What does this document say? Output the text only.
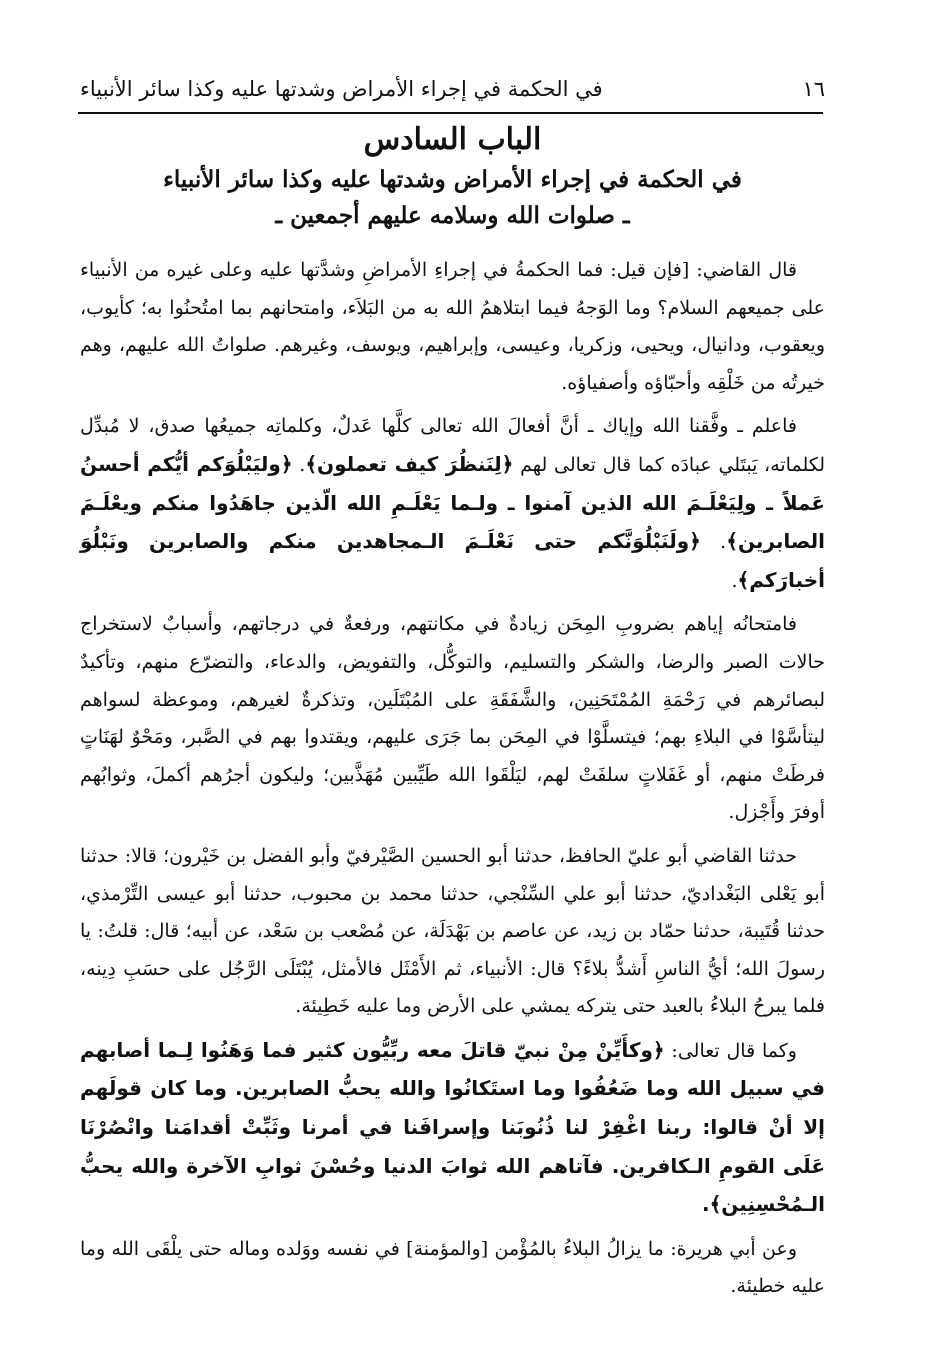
١٦
في الحكمة في إجراء الأمراض وشدتها عليه وكذا سائر الأنبياء

الباب السادس

في الحكمة في إجراء الأمراض وشدتها عليه وكذا سائر الأنبياء

ـ صلوات الله وسلامه عليهم أجمعين ـ

قال القاضي: [فإن قيل: فما الحكمةُ في إجراءِ الأمراضِ وشدَّتها عليه وعلى غيره من الأنبياء على جميعهم السلام؟ وما الوَجهُ فيما ابتلاهمُ الله به من البَلاَء، وامتحانهم بما امتُحنُوا به؛ كأيوب، ويعقوب، ودانيال، ويحيى، وزكريا، وعيسى، وإبراهيم، ويوسف، وغيرهم. صلواتُ الله عليهم، وهم خيرتُه من خَلْقِه وأحبّاؤه وأصفياؤه.

فاعلم ـ وفَّقنا الله وإياك ـ أنَّ أفعالَ الله تعالى كلَّها عَدلٌ، وكلماتِه جميعُها صدق، لا مُبدِّل لكلماته، يَبتَلي عبادَه كما قال تعالى لهم ﴿لِنَنظُرَ كيف تعملون﴾. ﴿وليَبْلُوَكم أيُّكم أحسنُ عَملاً ـ ولِيَعْلَـمَ الله الذين آمنوا ـ ولـما يَعْلَـمِ الله الّذين جاهَدُوا منكم ويعْلَـمَ الصابرين﴾. ﴿ولَنَبْلُوَنَّكم حتى نَعْلَـمَ الـمجاهدين منكم والصابرين ونَبْلُوَ أخبارَكم﴾.

فامتحانُه إياهم بضروبِ المِحَن زيادةٌ في مكانتهم، ورفعةٌ في درجاتهم، وأسبابٌ لاستخراج حالات الصبر والرضا، والشكر والتسليم، والتوكُّل، والتفويض، والدعاء، والتضرّع منهم، وتأكيدٌ لبصائرهم في رَحْمَةِ المُمْتَحَنِين، والشَّفَقَةِ على المُبْتَلَين، وتذكرةٌ لغيرهم، وموعظة لسواهم ليتأسَّوْا في البلاءِ بهم؛ فيتسلَّوْا في المِحَن بما جَرَى عليهم، ويقتدوا بهم في الصَّبر، ومَحْوٌ لهَنَاتٍ فرطَتْ منهم، أو غَفَلاتٍ سلفَتْ لهم، ليَلْقَوا الله طَيِّبين مُهَذَّبين؛ وليكون أجرُهم أكملَ، وثوابُهم أوفرَ وأَجْزل.

حدثنا القاضي أبو عليّ الحافظ، حدثنا أبو الحسين الصَّيْرفيّ وأبو الفضل بن خَيْرون؛ قالا: حدثنا أبو يَعْلى البَغْداديّ، حدثنا أبو علي السِّنْجي، حدثنا محمد بن محبوب، حدثنا أبو عيسى التِّرْمذي، حدثنا قُتَيبة، حدثنا حمّاد بن زيد، عن عاصم بن بَهْدَلَة، عن مُصْعب بن سَعْد، عن أبيه؛ قال: قلتُ: يا رسولَ الله؛ أيُّ الناسِ أَشدُّ بلاءً؟ قال: الأنبياء، ثم الأَمْثَل فالأمثل، يُبْتَلَى الرَّجُل على حسَبِ دِينه، فلما يبرحُ البلاءُ بالعبد حتى يتركه يمشي على الأرض وما عليه خَطِيئة.

وكما قال تعالى: ﴿وكأَيِّنْ مِنْ نبيّ قاتلَ معه ربِّيُّون كثير فما وَهَنُوا لِـما أصابهم في سبيل الله وما ضَعُفُوا وما استَكانُوا والله يحبُّ الصابرين. وما كان قولَهم إلا أنْ قالوا: ربنا اغْفِرْ لنا ذُنُوبَنا وإسرافَنا في أمرنا وثَبِّتْ أقدامَنا وانْصُرْنَا عَلَى القومِ الـكافرين. فآتاهم الله ثوابَ الدنيا وحُسْنَ ثوابِ الآخرة والله يحبُّ الـمُحْسِنِين﴾.

وعن أبي هريرة: ما يزالُ البلاءُ بالمُؤْمن [والمؤمنة] في نفسه ووَلده وماله حتى يلْقَى الله وما عليه خطيئة.
